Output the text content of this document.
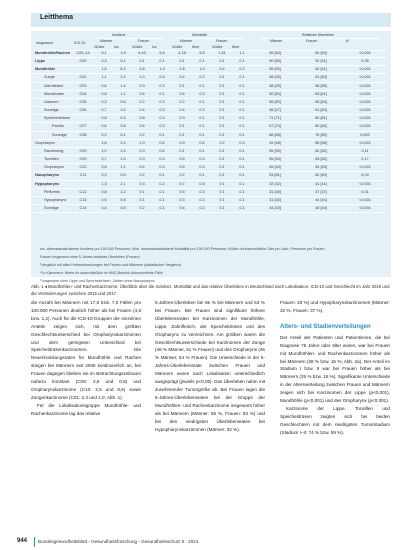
Leitthema
Insgesamt	ICD-10
Inzidenz	Mortalität	Relatives Überleben
Männer	Frauen	Männer	Frauen	Männer	Frauen	p¹
N/Jahr	Inz	N/Jahr	Inz	N/Jahr	Mort	N/Jahr	Mort
Mundhöhle/Rachen	C00–14	9,1	1.9	4.43	5.6	4.18	5.5	1.81	1.1	55 [54]	60 [59]	<0,001
Lippe	C00	0,3	0.1	0.1	0.1	0.1	0.1	0.1	0.1	90 [85]	92 [91]	0,35
Mundhöhle		1,5	6.3	2.8	1.3	1.8	1.0	0.4	0.2	55 [55]	62 [61]	<0,001
Zunge	C01	1,1	1.2	1.0	0.5	0.4	0.2	0.1	0.1	46 [45]	61 [60]	<0,001
Zahnfleisch	C03	0,6	1.4	0.3	0.2	0.1	0.1	0.1	0.1	48 [49]	56 [55]	<0,001
Mundboden	C04	0,8	1.1	0.6	0.1	0.6	0.3	0.1	0.1	52 [50]	63 [61]	<0,001
Gaumen	C05	0,3	0.6	0.2	0.2	0.2	0.1	0.1	0.1	55 [50]	65 [63]	<0,001
Sonstige	C06	0,7	1.0	0.4	0.3	0.4	0.2	0.1	0.1	46 [47]	61 [60]	<0,001
Speicheldrüsen		0,8	0.4	0.8	0.4	0.3	0.1	0.1	0.1	71 [71]	82 [81]	<0,001
Parotis	C07	0,6	0.8	0.6	0.3	0.1	0.1	0.1	0.1	67 [74]	82 [82]	<0,001
Sonstige	C08	0,2	0.1	0.2	0.1	0.1	0.1	0.1	0.1	66 [65]	76 [80]	0,002
Oropharynx		1,6	2.4	1.0	0.6	0.9	0.6	0.2	0.2	49 [48]	56 [56]	<0,001
Rachenring	C09	1,0	1.5	0.3	0.6	0.1	0.1	0.1	0.1	55 [55]	62 [62]	0,11
Tonsillen	C09	0,7	1.0	0.3	0.3	0.5	0.3	0.1	0.1	55 [54]	63 [62]	0,17
Oropharynx	C10	0,8	1.1	0.4	0.3	0.5	0.3	0.1	0.1	45 [44]	54 [53]	<0,001
Nasopharynx	C11	0,3	0.5	0.2	0.1	0.2	0.1	0.1	0.1	53 [51]	62 [60]	0,04
Hypopharynx		1,3	2.1	0.3	0.2	0.7	0.5	0.1	0.1	32 [32]	41 [41]	<0,001
Piriformis	C12	0,8	1.2	0.1	0.1	0.5	0.3	0.1	0.1	31 [30]	37 [37]	0,01
Hypopharynx	C13	0,5	0.8	0.1	0.1	0.3	0.2	0.1	0.1	31 [30]	44 [44]	<0,001
Sonstige	C14	0,4	0.5	0.2	0.1	0.4	0.2	0.1	0.1	34 [33]	45 [44]	<0,001
Inz. altersstandardisierte Inzidenz pro 100.000 Personen; Mort. altersstandardisierte Mortalität pro 100.000 Personen; N/Jahr durchschnittliche Zahl pro Jahr; Personen pro Frauen
Frauen insgesamt ohne 5-Jahres-relatives Überleben (Frauen)
¹Vergleich mit allen Krebserkrankungen bei Frauen und Männern (statistischer Vergleich)
ᵃ In Klammern: Werte für ausschließlich im HNO-Bereich dokumentierte Fälle
ᵇ Insgesamt ohne Lippe und Speicheldrüsen; Zahlen ohne Nasopharynx
Abb. 1 ◂ Mundhöhlen- und Rachenkarzinome: Überblick über die Inzidenz, Mortalität und das relative Überleben in Deutschland nach Lokalisation, ICD-10 und Geschlecht im Jahr 2016 und die Veränderungen zwischen 2015 und 2017

die Anzahl bei Männern mit 17,6 bzw. 7,0 Fällen pro 100.000 Personen deutlich höher als bei Frauen (4,6 bzw. 1,2). Auch für die ICD-10-Gruppen der einzelnen Anteile zeigen sich, mit dem größten Geschlechtsunterschied bei Oropharynxkarzinomen und dem geringsten Unterschied bei Speicheldrüsenkarzinomen. Die Neuerkrankungsraten für Mundhöhle und Rachen stiegen bei Männern seit 2005 kontinuierlich an, bei Frauen dagegen blieben sie im Betrachtungszeitraum nahezu konstant (C09: 2,5 und 0,8) und Oropharynxkarzinome (C10: 2,5 und 0,6) sowie Zungenkarzinome (C01: 2,3 und 1,0; Abb. 1).

Für die Lokalisationsgruppe Mundhöhle- und Rachenkarzinome lag das relative

5-Jahres-Überleben bei 55 % bei Männern und 63 % bei Frauen. Bei Frauen sind signifikant höhere Überlebensraten bei Karzinomen der Mundhöhle, Lippe, Zahnfleisch, der Speicheldrüsen und des Oropharynx zu verzeichnen. Am größten waren die Geschlechtsunterschiede bei Karzinomen der Zunge (46 % Männer, 61 % Frauen) und des Oropharynx (45 % Männer, 54 % Frauen). Die Unterschiede in der 5-Jahres-Überlebensrate zwischen Frauen und Männern waren nach Lokalisation unterschiedlich ausgeprägt (jeweils p<0,05). Das Überleben nahm mit zunehmender Tumorgröße ab. Bei Frauen lagen die 5-Jahres-Überlebensraten bei der Gruppe der Mundhöhlen- und Rachenkarzinome insgesamt höher als bei Männern (Männer: 55 %, Frauen: 63 %) und bei den niedrigsten Überlebensraten bei Hypopharynxkarzinomen (Männer: 32 %).

Frauen: 33 %) und Hypopharynxkarzinomen (Männer: 32 %, Frauen: 37 %).

Alters- und Stadienverteilungen

Der Anteil der Patienten und Patientinnen, die bei Diagnose 75 Jahre oder älter waren, war bei Frauen mit Mundhöhlen- und Rachenkarzinomen höher als bei Männern (28 % bzw. 15 %; Abb. 2a). Der Anteil im Stadium I bzw. II war bei Frauen höher als bei Männern (25 % bzw. 15 %). Signifikante Unterschiede in der Altersverteilung zwischen Frauen und Männern zeigen sich bei Karzinomen der Lippe (p<0,001), Mundhöhle (p<0,001) und des Oropharynx (p<0,001).

Karzinome der Lippe, Tonsillen und Speicheldrüsen zeigten sich bei beiden Geschlechtern mit dem niedrigsten Tumorstadium (Stadium I–II: 74 % bzw. 59 %).

944 Bundesgesundheitsblatt - Gesundheitsforschung - Gesundheitsschutz 8 · 2021
